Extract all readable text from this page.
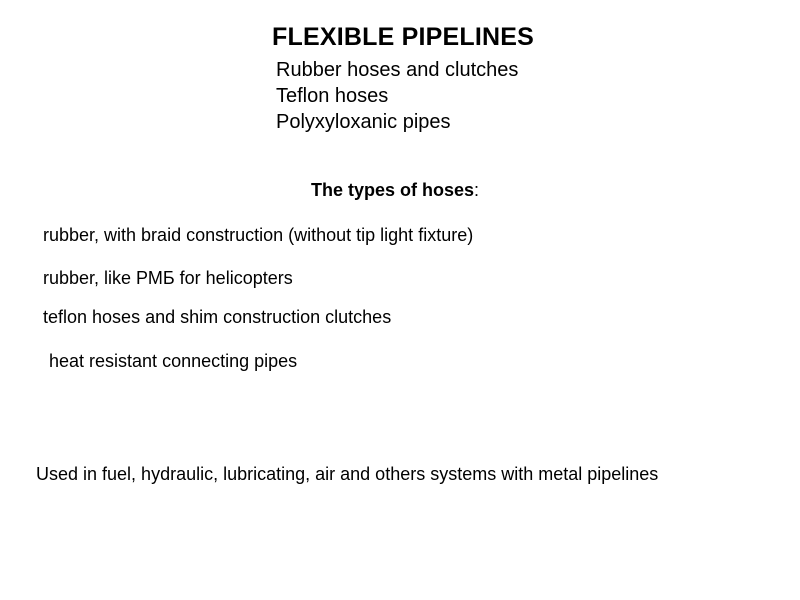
FLEXIBLE PIPELINES
Rubber hoses and clutches
Teflon hoses
Polyxyloxanic pipes
The types of hoses:
rubber, with braid construction (without tip light fixture)
rubber, like РМБ for helicopters
teflon hoses and shim construction clutches
heat resistant connecting pipes
Used in fuel, hydraulic, lubricating, air and others systems with metal pipelines
